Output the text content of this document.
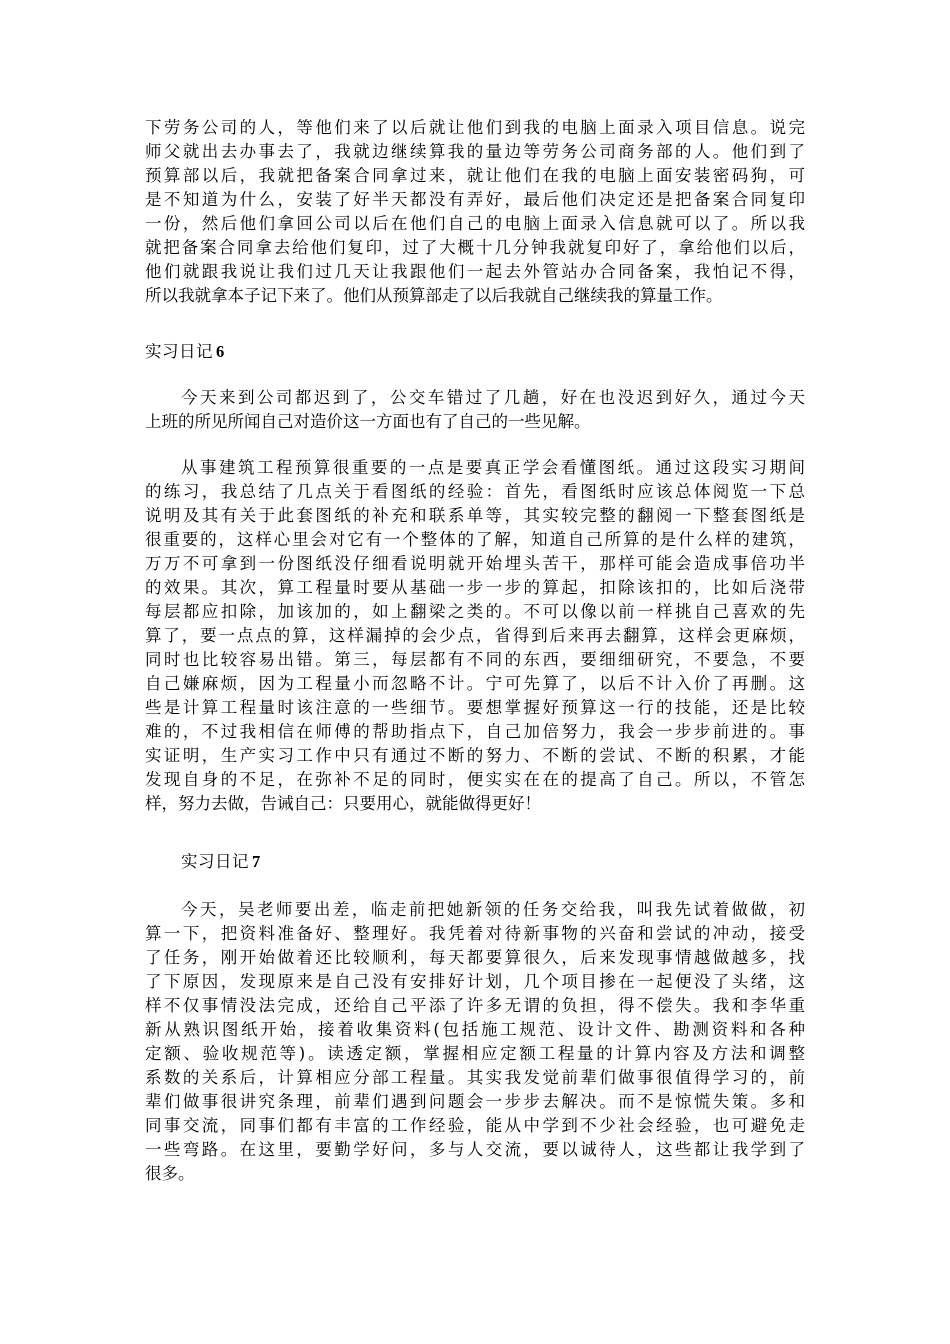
下劳务公司的人，等他们来了以后就让他们到我的电脑上面录入项目信息。说完
师父就出去办事去了，我就边继续算我的量边等劳务公司商务部的人。他们到了
预算部以后，我就把备案合同拿过来，就让他们在我的电脑上面安装密码狗，可
是不知道为什么，安装了好半天都没有弄好，最后他们决定还是把备案合同复印
一份，然后他们拿回公司以后在他们自己的电脑上面录入信息就可以了。所以我
就把备案合同拿去给他们复印，过了大概十几分钟我就复印好了，拿给他们以后，
他们就跟我说让我们过几天让我跟他们一起去外管站办合同备案，我怕记不得，
所以我就拿本子记下来了。他们从预算部走了以后我就自己继续我的算量工作。
实习日记 6
今天来到公司都迟到了，公交车错过了几趟，好在也没迟到好久，通过今天
上班的所见所闻自己对造价这一方面也有了自己的一些见解。
从事建筑工程预算很重要的一点是要真正学会看懂图纸。通过这段实习期间
的练习，我总结了几点关于看图纸的经验：首先，看图纸时应该总体阅览一下总
说明及其有关于此套图纸的补充和联系单等，其实较完整的翻阅一下整套图纸是
很重要的，这样心里会对它有一个整体的了解，知道自己所算的是什么样的建筑，
万万不可拿到一份图纸没仔细看说明就开始埋头苦干，那样可能会造成事倍功半
的效果。其次，算工程量时要从基础一步一步的算起，扣除该扣的，比如后浇带
每层都应扣除，加该加的，如上翻梁之类的。不可以像以前一样挑自己喜欢的先
算了，要一点点的算，这样漏掉的会少点，省得到后来再去翻算，这样会更麻烦，
同时也比较容易出错。第三，每层都有不同的东西，要细细研究，不要急，不要
自己嫌麻烦，因为工程量小而忽略不计。宁可先算了，以后不计入价了再删。这
些是计算工程量时该注意的一些细节。要想掌握好预算这一行的技能，还是比较
难的，不过我相信在师傅的帮助指点下，自己加倍努力，我会一步步前进的。事
实证明，生产实习工作中只有通过不断的努力、不断的尝试、不断的积累，才能
发现自身的不足，在弥补不足的同时，便实实在在的提高了自己。所以，不管怎
样，努力去做，告诫自己：只要用心，就能做得更好！
实习日记 7
今天，吴老师要出差，临走前把她新领的任务交给我，叫我先试着做做，初
算一下，把资料准备好、整理好。我凭着对待新事物的兴奋和尝试的冲动，接受
了任务，刚开始做着还比较顺利，每天都要算很久，后来发现事情越做越多，找
了下原因，发现原来是自己没有安排好计划，几个项目掺在一起便没了头绪，这
样不仅事情没法完成，还给自己平添了许多无谓的负担，得不偿失。我和李华重
新从熟识图纸开始，接着收集资料(包括施工规范、设计文件、勘测资料和各种
定额、验收规范等)。读透定额，掌握相应定额工程量的计算内容及方法和调整
系数的关系后，计算相应分部工程量。其实我发觉前辈们做事很值得学习的，前
辈们做事很讲究条理，前辈们遇到问题会一步步去解决。而不是惊慌失策。多和
同事交流，同事们都有丰富的工作经验，能从中学到不少社会经验，也可避免走
一些弯路。在这里，要勤学好问，多与人交流，要以诚待人，这些都让我学到了
很多。
